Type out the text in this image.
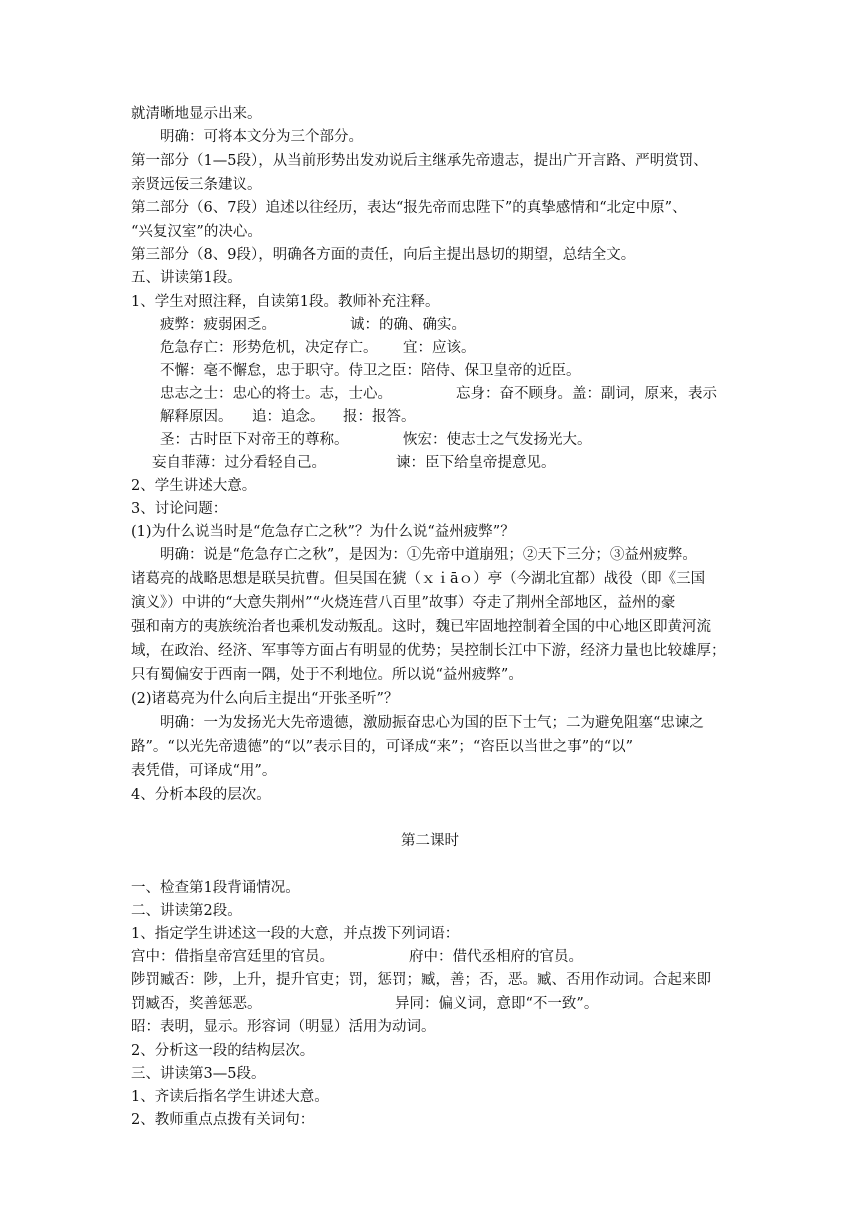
就清晰地显示出来。
明确：可将本文分为三个部分。
第一部分（1—5段），从当前形势出发劝说后主继承先帝遗志，提出广开言路、严明赏罚、
亲贤远佞三条建议。
第二部分（6、7段）追述以往经历，表达“报先帝而忠陛下”的真挚感情和“北定中原”、
“兴复汉室”的决心。
第三部分（8、9段），明确各方面的责任，向后主提出恳切的期望，总结全文。
五、讲读第1段。
1、学生对照注释，自读第1段。教师补充注释。
疲弊：疲弱困乏。	诚：的确、确实。
危急存亡：形势危机，决定存亡。 宜：应该。
不懈：毫不懈怠，忠于职守。侍卫之臣：陪侍、保卫皇帝的近臣。
忠志之士：忠心的将士。志，士心。	忘身：奋不顾身。盖：副词，原来，表示
解释原因。 追：追念。 报：报答。
圣：古时臣下对帝王的尊称。	恢宏：使志士之气发扬光大。
妄自菲薄：过分看轻自己。	谏：臣下给皇帝提意见。
2、学生讲述大意。
3、讨论问题：
(1)为什么说当时是“危急存亡之秋”？为什么说“益州疲弊”？
明确：说是“危急存亡之秋”，是因为：①先帝中道崩殂；②天下三分；③益州疲弊。
诸葛亮的战略思想是联吴抗曹。但吴国在猇（ｘｉāｏ）亭（今湖北宜都）战役（即《三国
演义》）中讲的“大意失荆州”“火烧连营八百里”故事）夺走了荆州全部地区，益州的豪
强和南方的夷族统治者也乘机发动叛乱。这时，魏已牢固地控制着全国的中心地区即黄河流
域，在政治、经济、军事等方面占有明显的优势；吴控制长江中下游，经济力量也比较雄厚；
只有蜀偏安于西南一隅，处于不利地位。所以说“益州疲弊”。
(2)诸葛亮为什么向后主提出“开张圣听”？
明确：一为发扬光大先帝遗德，激励振奋忠心为国的臣下士气；二为避免阻塞“忠谏之
路”。“以光先帝遗德”的“以”表示目的，可译成“来”；“咨臣以当世之事”的“以”
表凭借，可译成“用”。
4、分析本段的层次。
第二课时
一、检查第1段背诵情况。
二、讲读第2段。
1、指定学生讲述这一段的大意，并点拨下列词语：
宫中：借指皇帝宫廷里的官员。	府中：借代丞相府的官员。
陟罚臧否：陟，上升，提升官吏；罚，惩罚；臧，善；否，恶。臧、否用作动词。合起来即
罚臧否，奖善惩恶。	异同：偏义词，意即“不一致”。
昭：表明，显示。形容词（明显）活用为动词。
2、分析这一段的结构层次。
三、讲读第3—5段。
1、齐读后指名学生讲述大意。
2、教师重点点拨有关词句：
